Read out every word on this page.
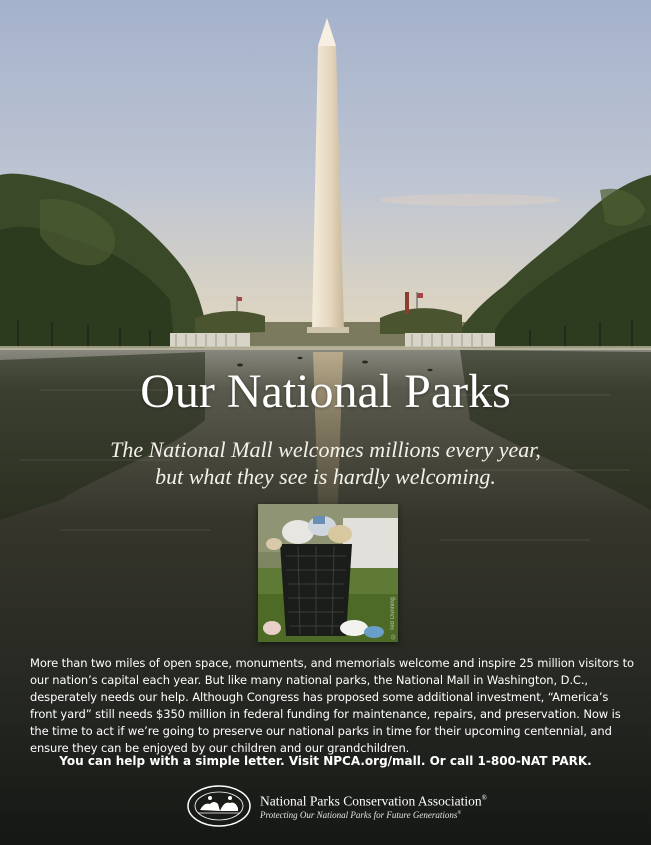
Our National Parks
The National Mall welcomes millions every year,
but what they see is hardly welcoming.
© Ted Dunning

More than two miles of open space, monuments, and memorials welcome and inspire 25 million visitors to our nation’s capital each year. But like many national parks, the National Mall in Washington, D.C., desperately needs our help. Although Congress has proposed some additional investment, “America’s front yard” still needs $350 million in federal funding for maintenance, repairs, and preservation. Now is the time to act if we’re going to preserve our national parks in time for their upcoming centennial, and ensure they can be enjoyed by our children and our grandchildren.

You can help with a simple letter. Visit NPCA.org/mall. Or call 1-800-NAT PARK.

National Parks Conservation Association®
Protecting Our National Parks for Future Generations®
